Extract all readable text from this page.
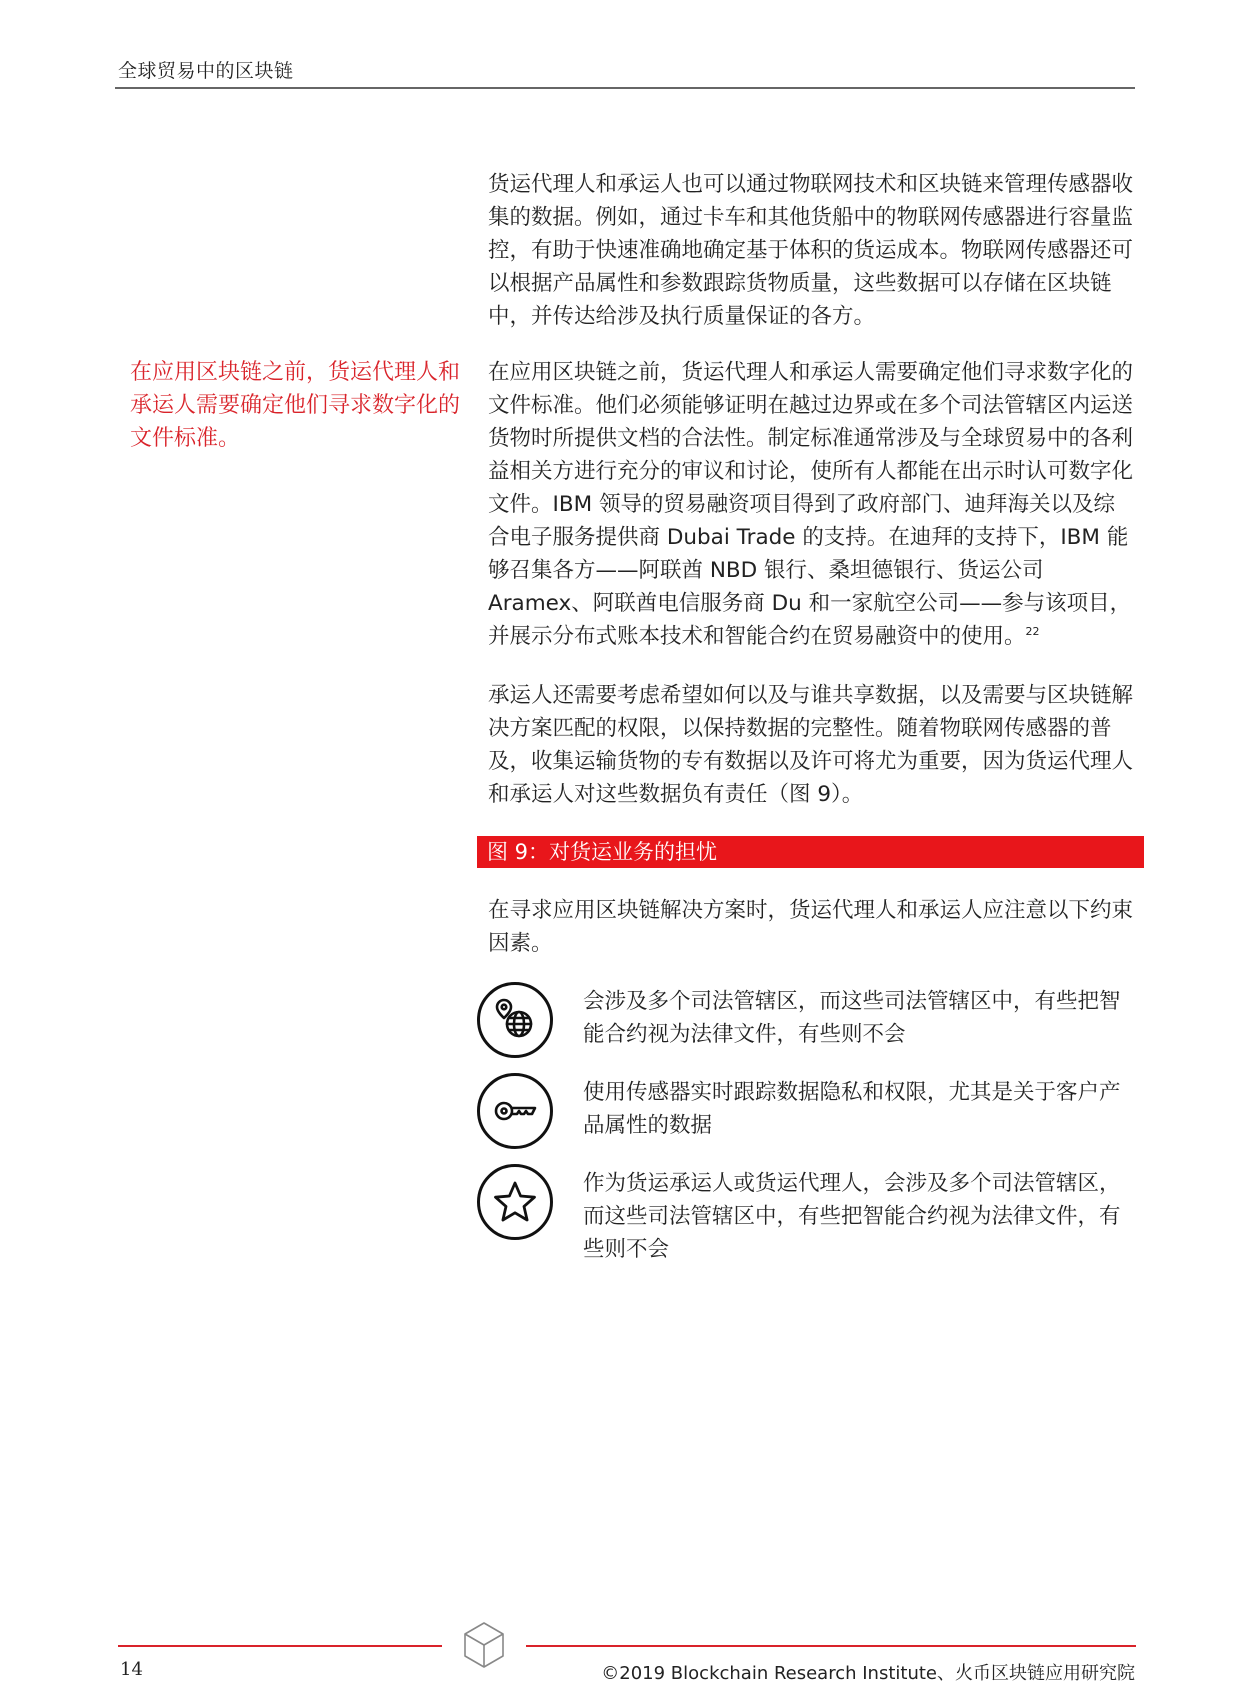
全球贸易中的区块链

货运代理人和承运人也可以通过物联网技术和区块链来管理传感器收集的数据。例如，通过卡车和其他货船中的物联网传感器进行容量监控，有助于快速准确地确定基于体积的货运成本。物联网传感器还可以根据产品属性和参数跟踪货物质量，这些数据可以存储在区块链中，并传达给涉及执行质量保证的各方。

在应用区块链之前，货运代理人和承运人需要确定他们寻求数字化的文件标准。

在应用区块链之前，货运代理人和承运人需要确定他们寻求数字化的文件标准。他们必须能够证明在越过边界或在多个司法管辖区内运送货物时所提供文档的合法性。制定标准通常涉及与全球贸易中的各利益相关方进行充分的审议和讨论，使所有人都能在出示时认可数字化文件。IBM 领导的贸易融资项目得到了政府部门、迪拜海关以及综合电子服务提供商 Dubai Trade 的支持。在迪拜的支持下，IBM 能够召集各方——阿联酋 NBD 银行、桑坦德银行、货运公司 Aramex、阿联酋电信服务商 Du 和一家航空公司——参与该项目，并展示分布式账本技术和智能合约在贸易融资中的使用。$^{22}$

承运人还需要考虑希望如何以及与谁共享数据，以及需要与区块链解决方案匹配的权限，以保持数据的完整性。随着物联网传感器的普及，收集运输货物的专有数据以及许可将尤为重要，因为货运代理人和承运人对这些数据负有责任（图 9）。

图 9：对货运业务的担忧

在寻求应用区块链解决方案时，货运代理人和承运人应注意以下约束因素。

会涉及多个司法管辖区，而这些司法管辖区中，有些把智能合约视为法律文件，有些则不会

使用传感器实时跟踪数据隐私和权限，尤其是关于客户产品属性的数据

作为货运承运人或货运代理人，会涉及多个司法管辖区，而这些司法管辖区中，有些把智能合约视为法律文件，有些则不会

14	©2019 Blockchain Research Institute、火币区块链应用研究院
